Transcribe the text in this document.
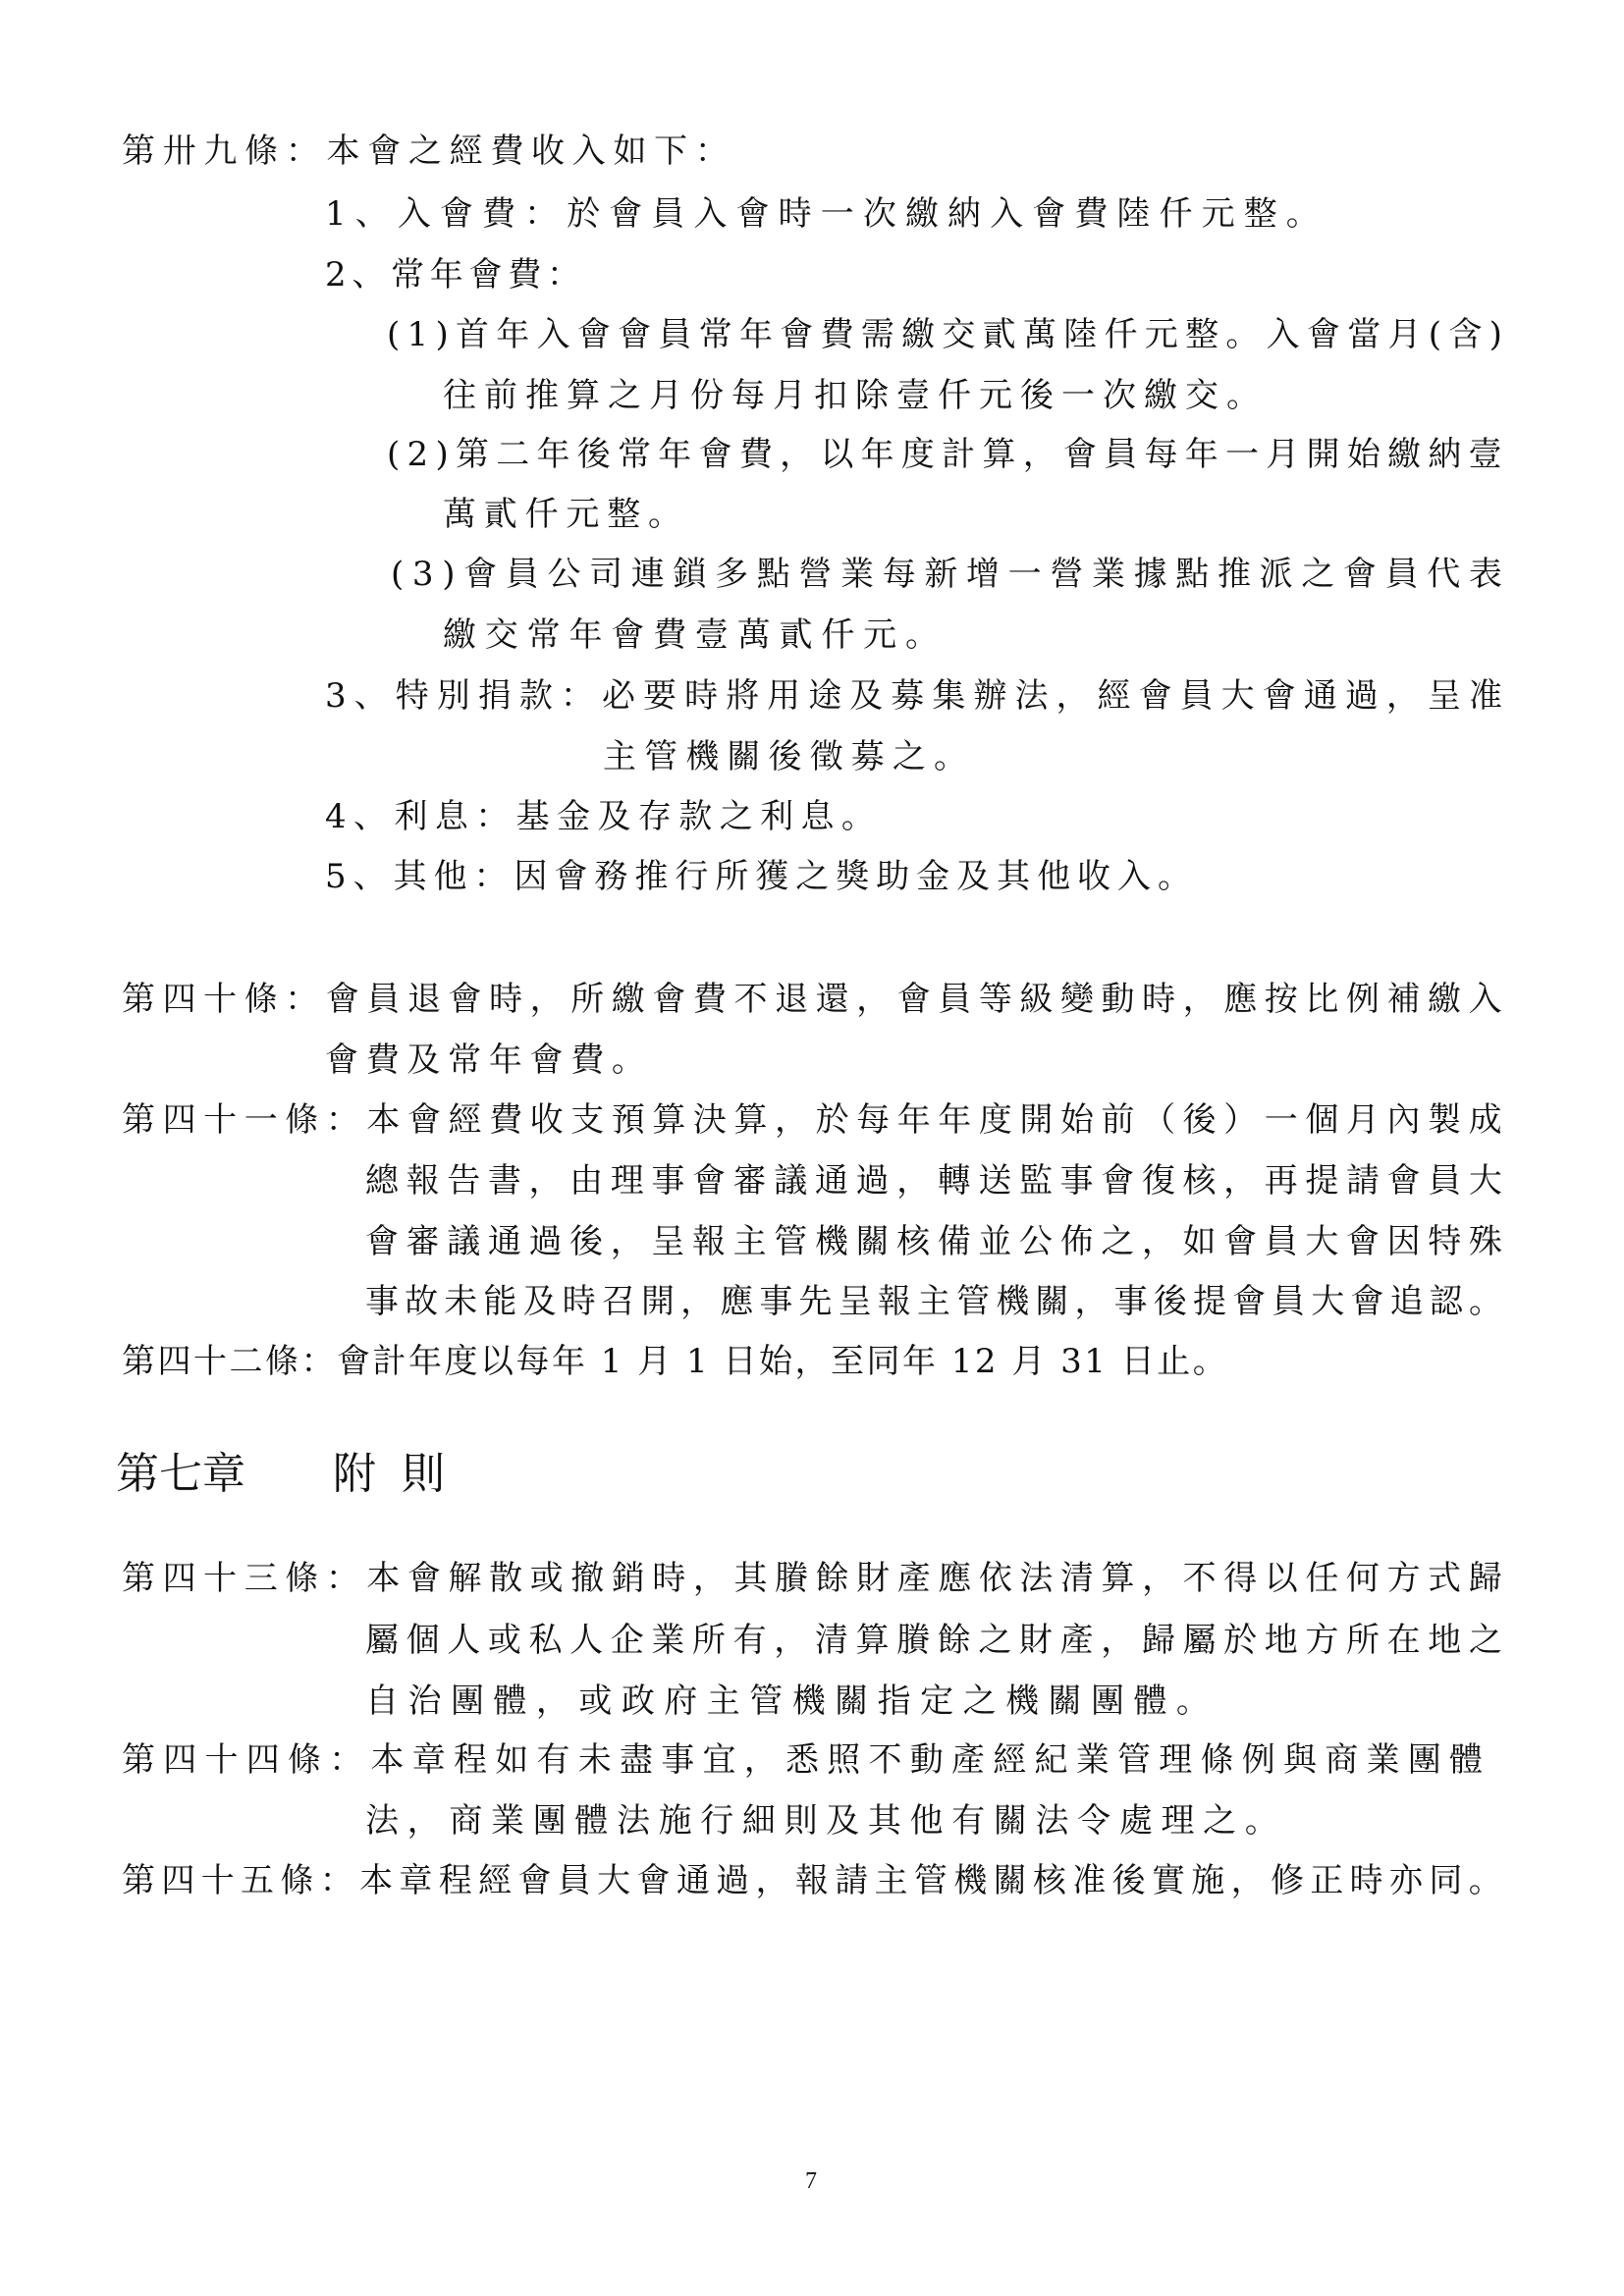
第 卅 九 條 ： 本 會 之 經 費 收 入 如 下 ：
1 、 入 會 費 ： 於 會 員 入 會 時 一 次 繳 納 入 會 費 陸 仟 元 整 。
2 、 常 年 會 費 ：
( 1 ) 首 年 入 會 會 員 常 年 會 費 需 繳 交 貳 萬 陸 仟 元 整 。 入 會 當 月 ( 含 )
往 前 推 算 之 月 份 每 月 扣 除 壹 仟 元 後 一 次 繳 交 。
( 2 ) 第 二 年 後 常 年 會 費 ， 以 年 度 計 算 ， 會 員 每 年 一 月 開 始 繳 納 壹
萬 貳 仟 元 整 。
( 3 ) 會 員 公 司 連 鎖 多 點 營 業 每 新 增 一 營 業 據 點 推 派 之 會 員 代 表
繳 交 常 年 會 費 壹 萬 貳 仟 元 。
3 、 特 別 捐 款 ： 必 要 時 將 用 途 及 募 集 辦 法 ， 經 會 員 大 會 通 過 ， 呈 准
主 管 機 關 後 徵 募 之 。
4 、 利 息 ： 基 金 及 存 款 之 利 息 。
5 、 其 他 ： 因 會 務 推 行 所 獲 之 獎 助 金 及 其 他 收 入 。
第 四 十 條 ： 會 員 退 會 時 ， 所 繳 會 費 不 退 還 ， 會 員 等 級 變 動 時 ， 應 按 比 例 補 繳 入
會 費 及 常 年 會 費 。
第 四 十 一 條 ： 本 會 經 費 收 支 預 算 決 算 ， 於 每 年 年 度 開 始 前 （ 後 ） 一 個 月 內 製 成
總 報 告 書 ， 由 理 事 會 審 議 通 過 ， 轉 送 監 事 會 復 核 ， 再 提 請 會 員 大
會 審 議 通 過 後 ， 呈 報 主 管 機 關 核 備 並 公 佈 之 ， 如 會 員 大 會 因 特 殊
事 故 未 能 及 時 召 開 ， 應 事 先 呈 報 主 管 機 關 ， 事 後 提 會 員 大 會 追 認 。
第四十二條：會計年度以每年 1 月 1 日始，至同年 12 月 31 日止。
第七章 附 則
第 四 十 三 條 ： 本 會 解 散 或 撤 銷 時 ， 其 賸 餘 財 產 應 依 法 清 算 ， 不 得 以 任 何 方 式 歸
屬 個 人 或 私 人 企 業 所 有 ， 清 算 賸 餘 之 財 產 ， 歸 屬 於 地 方 所 在 地 之
自 治 團 體 ， 或 政 府 主 管 機 關 指 定 之 機 關 團 體 。
第 四 十 四 條 ： 本 章 程 如 有 未 盡 事 宜 ， 悉 照 不 動 產 經 紀 業 管 理 條 例 與 商 業 團 體
法 ， 商 業 團 體 法 施 行 細 則 及 其 他 有 關 法 令 處 理 之 。
第 四 十 五 條 ： 本 章 程 經 會 員 大 會 通 過 ， 報 請 主 管 機 關 核 准 後 實 施 ， 修 正 時 亦 同 。
7
